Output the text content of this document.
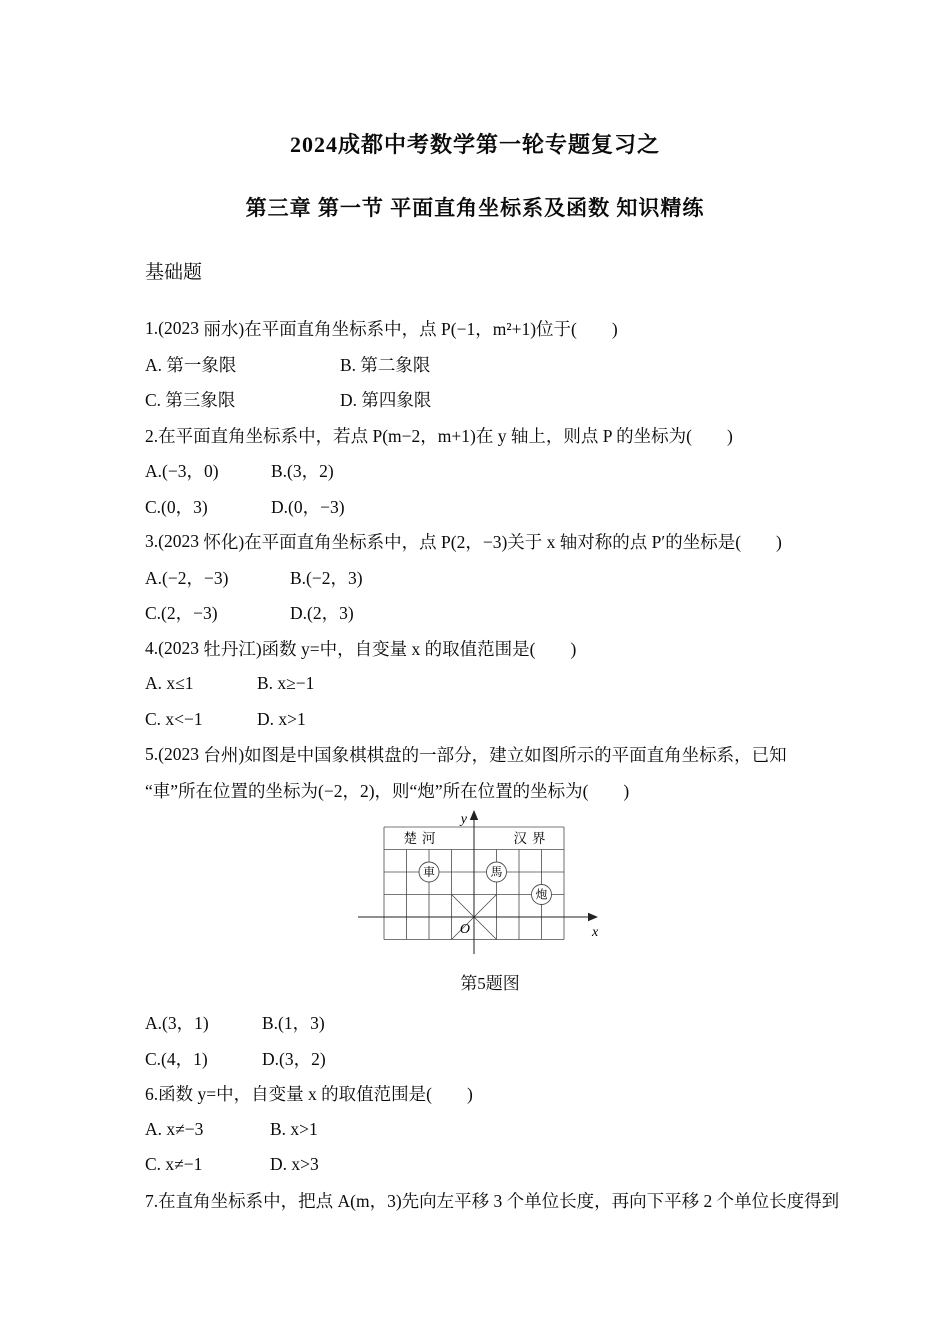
2024成都中考数学第一轮专题复习之
第三章 第一节 平面直角坐标系及函数 知识精练
基础题
1.(2023 丽水 )在平面直角坐标系中，点 P(−1，m²+1)位于(　　)
A. 第一象限	B. 第二象限
C. 第三象限	D. 第四象限
2.在平面直角坐标系中，若点 P(m−2，m+1)在 y 轴上，则点 P 的坐标为(　　)
A.(−3，0)	B.(3，2)
C.(0，3)	D.(0，−3)
3.(2023 怀化 )在平面直角坐标系中，点 P(2，−3)关于 x 轴对称的点 P′的坐标是(　　)
A.(−2，−3)	B.(−2，3)
C.(2，−3)	D.(2，3)
4.(2023 牡丹江 )函数 y=中，自变量 x 的取值范围是(　　)
A. x≤1	B. x≥−1
C. x<−1	D. x>1
5.(2023 台州 )如图是中国象棋棋盘的一部分，建立如图所示的平面直角坐标系，已知
“車”所在位置的坐标为(−2，2)，则“炮”所在位置的坐标为(　　)
x
y
O
楚河	汉界
車	馬
炮
第5题图
A.(3，1)	B.(1，3)
C.(4，1)	D.(3，2)
6.函数 y=中，自变量 x 的取值范围是(　　)
A. x≠−3	B. x>1
C. x≠−1	D. x>3
7.在直角坐标系中，把点 A(m，3)先向左平移 3 个单位长度，再向下平移 2 个单位长度得到
